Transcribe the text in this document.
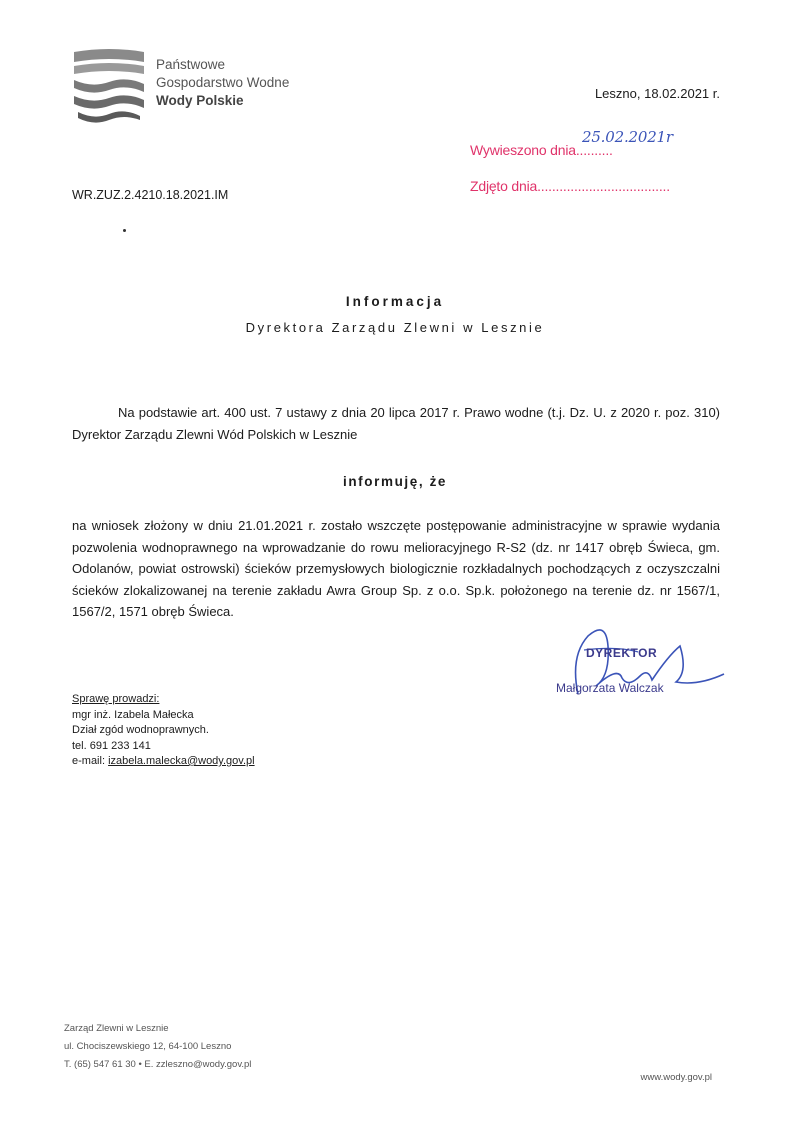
Państwowe
Gospodarstwo Wodne
Wody Polskie	Leszno, 18.02.2021 r.
Wywieszono dnia..........
25.02.2021r
Zdjęto dnia....................................
WR.ZUZ.2.4210.18.2021.IM
Informacja
Dyrektora Zarządu Zlewni w Lesznie
Na podstawie art. 400 ust. 7 ustawy z dnia 20 lipca 2017 r. Prawo wodne (t.j. Dz. U. z 2020 r. poz. 310) Dyrektor Zarządu Zlewni Wód Polskich w Lesznie
informuję, że
na wniosek złożony w dniu 21.01.2021 r. zostało wszczęte postępowanie administracyjne w sprawie wydania pozwolenia wodnoprawnego na wprowadzanie do rowu melioracyjnego R-S2 (dz. nr 1417 obręb Świeca, gm. Odolanów, powiat ostrowski) ścieków przemysłowych biologicznie rozkładalnych pochodzących z oczyszczalni ścieków zlokalizowanej na terenie zakładu Awra Group Sp. z o.o. Sp.k. położonego na terenie dz. nr 1567/1, 1567/2, 1571 obręb Świeca.
DYREKTOR
Małgorzata Walczak
Sprawę prowadzi:
mgr inż. Izabela Małecka
Dział zgód wodnoprawnych.
tel. 691 233 141
e-mail: izabela.malecka@wody.gov.pl
Zarząd Zlewni w Lesznie
ul. Chociszewskiego 12, 64-100 Leszno
T. (65) 547 61 30 • E. zzleszno@wody.gov.pl
www.wody.gov.pl
